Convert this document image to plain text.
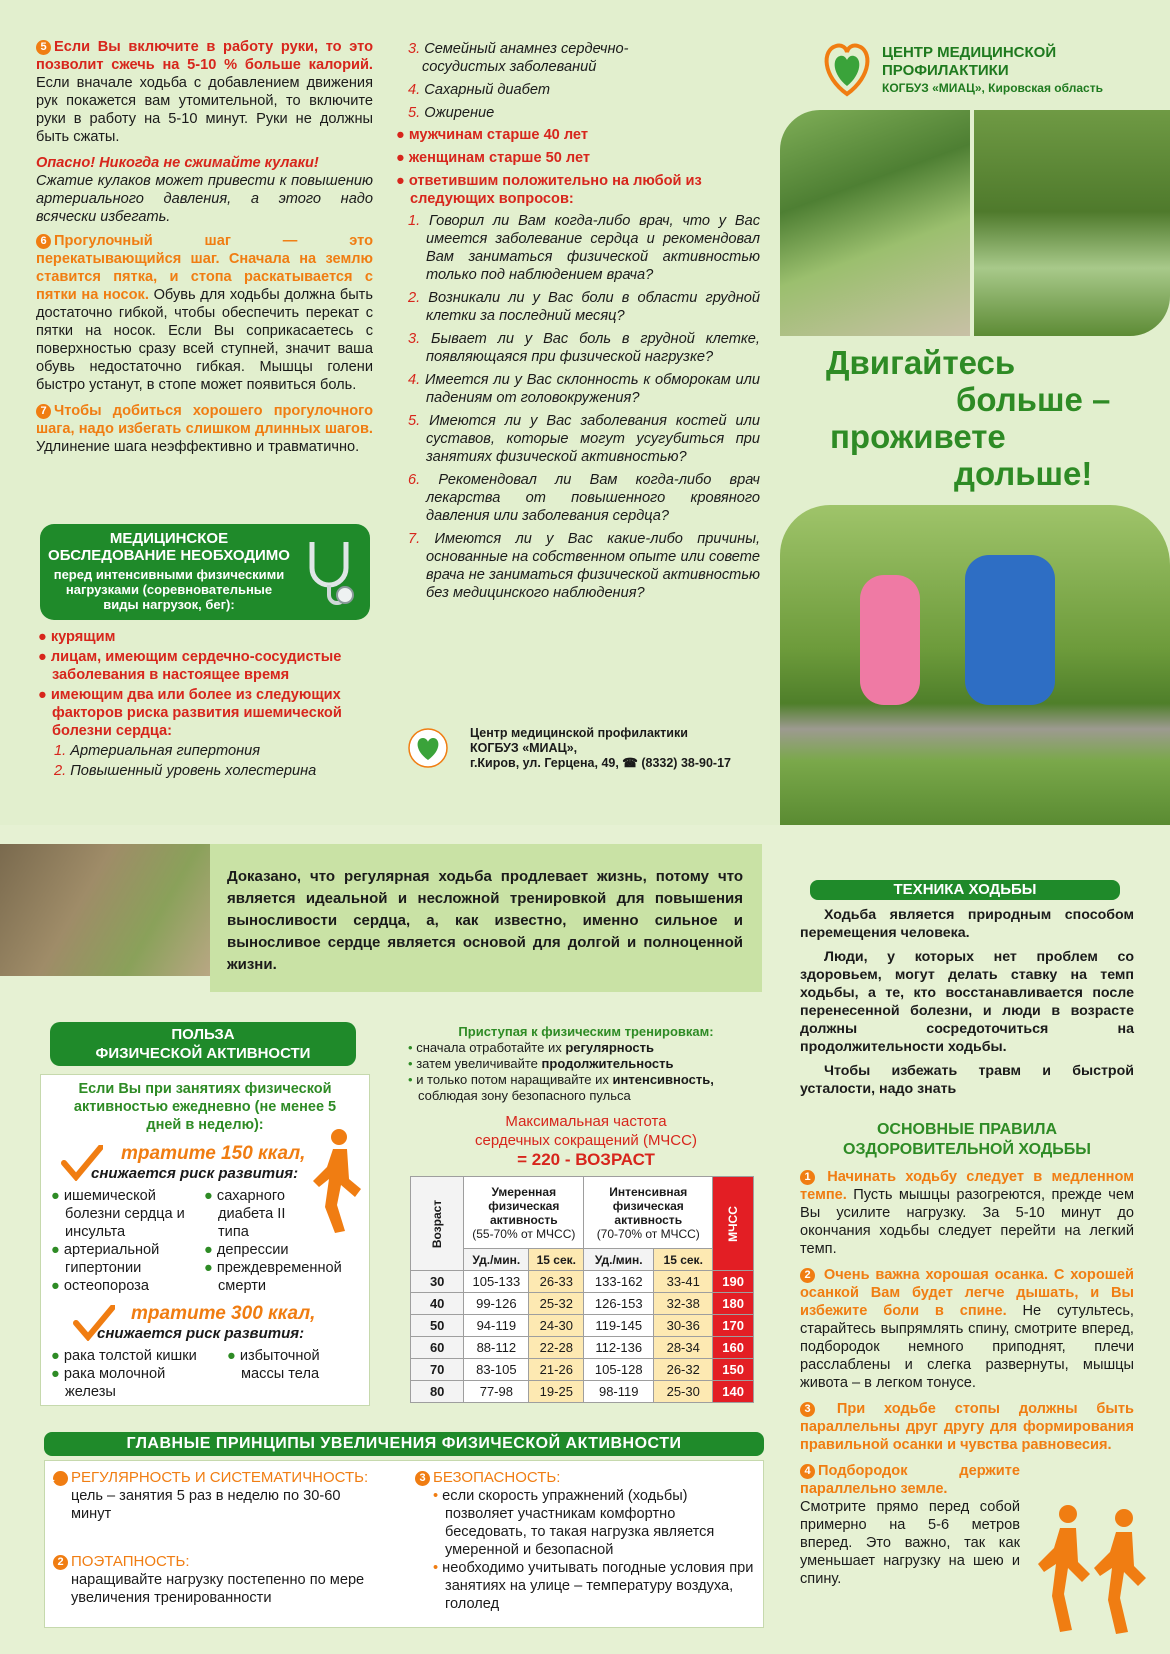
5 Если Вы включите в работу руки, то это позволит сжечь на 5-10 % больше калорий. Если вначале ходьба с добавлением движения рук покажется вам утомительной, то включите руки в работу на 5-10 минут. Руки не должны быть сжаты.

Опасно! Никогда не сжимайте кулаки!

Сжатие кулаков может привести к повышению артериального давления, а этого надо всячески избегать.

6 Прогулочный шаг — это перекатывающийся шаг. Сначала на землю ставится пятка, и стопа раскатывается с пятки на носок. Обувь для ходьбы должна быть достаточно гибкой, чтобы обеспечить перекат с пятки на носок. Если Вы соприкасаетесь с поверхностью сразу всей ступней, значит ваша обувь недостаточно гибкая. Мышцы голени быстро устанут, в стопе может появиться боль.

7 Чтобы добиться хорошего прогулочного шага, надо избегать слишком длинных шагов. Удлинение шага неэффективно и травматично.

МЕДИЦИНСКОЕ ОБСЛЕДОВАНИЕ НЕОБХОДИМО
перед интенсивными физическими нагрузками (соревновательные виды нагрузок, бег):

● курящим

● лицам, имеющим сердечно-сосудистые заболевания в настоящее время

● имеющим два или более из следующих факторов риска развития ишемической болезни сердца:

1. Артериальная гипертония

2. Повышенный уровень холестерина

3. Семейный анамнез сердечно-сосудистых заболеваний

4. Сахарный диабет

5. Ожирение

● мужчинам старше 40 лет

● женщинам старше 50 лет

● ответившим положительно на любой из следующих вопросов:

1. Говорил ли Вам когда-либо врач, что у Вас имеется заболевание сердца и рекомендовал Вам заниматься физической активностью только под наблюдением врача?
2. Возникали ли у Вас боли в области грудной клетки за последний месяц?
3. Бывает ли у Вас боль в грудной клетке, появляющаяся при физической нагрузке?
4. Имеется ли у Вас склонность к обморокам или падениям от головокружения?
5. Имеются ли у Вас заболевания костей или суставов, которые могут усугубиться при занятиях физической активностью?
6. Рекомендовал ли Вам когда-либо врач лекарства от повышенного кровяного давления или заболевания сердца?
7. Имеются ли у Вас какие-либо причины, основанные на собственном опыте или совете врача не заниматься физической активностью без медицинского наблюдения?
Центр медицинской профилактики
КОГБУЗ «МИАЦ»,
г.Киров, ул. Герцена, 49, ☎ (8332) 38-90-17
ЦЕНТР МЕДИЦИНСКОЙ
ПРОФИЛАКТИКИ
КОГБУЗ «МИАЦ», Кировская область
Двигайтесь
больше –
проживете
дольше!

Доказано, что регулярная ходьба продлевает жизнь, потому что является идеальной и несложной тренировкой для повышения выносливости сердца, а, как известно, именно сильное и выносливое сердце является основой для долгой и полноценной жизни.

ПОЛЬЗА
ФИЗИЧЕСКОЙ АКТИВНОСТИ

Если Вы при занятиях физической активностью ежедневно (не менее 5 дней в неделю):

тратите 150 ккал,
снижается риск развития:

● ишемической болезни сердца и инсульта

● артериальной гипертонии

● остеопороза

● сахарного диабета II типа

● депрессии

● преждевременной смерти

тратите 300 ккал,
снижается риск развития:

● рака толстой кишки

● рака молочной железы

● избыточной массы тела

Приступая к физическим тренировкам:

• сначала отработайте их регулярность

• затем увеличивайте продолжительность

• и только потом наращивайте их интенсивность,

соблюдая зону безопасного пульса

Максимальная частота
сердечных сокращений (МЧСС)
= 220 - ВОЗРАСТ
Возраст	Умеренная физическая активность
(55-70% от МЧСС)		Интенсивная физическая активность
(70-70% от МЧСС)		МЧСС

	Уд./мин.	15 сек.	Уд./мин.	15 сек.	
30	105-133	26-33	133-162	33-41	190
40	99-126	25-32	126-153	32-38	180
50	94-119	24-30	119-145	30-36	170
60	88-112	22-28	112-136	28-34	160
70	83-105	21-26	105-128	26-32	150
80	77-98	19-25	98-119	25-30	140
ГЛАВНЫЕ ПРИНЦИПЫ УВЕЛИЧЕНИЯ ФИЗИЧЕСКОЙ АКТИВНОСТИ

1 РЕГУЛЯРНОСТЬ И СИСТЕМАТИЧНОСТЬ:

цель – занятия 5 раз в неделю по 30-60 минут

2 ПОЭТАПНОСТЬ:

наращивайте нагрузку постепенно по мере увеличения тренированности

3 БЕЗОПАСНОСТЬ:

• если скорость упражнений (ходьбы) позволяет участникам комфортно беседовать, то такая нагрузка является умеренной и безопасной

• необходимо учитывать погодные условия при занятиях на улице – температуру воздуха, гололед

ТЕХНИКА ХОДЬБЫ

Ходьба является природным способом перемещения человека.

Люди, у которых нет проблем со здоровьем, могут делать ставку на темп ходьбы, а те, кто восстанавливается после перенесенной болезни, и люди в возрасте должны сосредоточиться на продолжительности ходьбы.

Чтобы избежать травм и быстрой усталости, надо знать

ОСНОВНЫЕ ПРАВИЛА
ОЗДОРОВИТЕЛЬНОЙ ХОДЬБЫ

1 Начинать ходьбу следует в медленном темпе. Пусть мышцы разогреются, прежде чем Вы усилите нагрузку. За 5-10 минут до окончания ходьбы следует перейти на легкий темп.

2 Очень важна хорошая осанка. С хорошей осанкой Вам будет легче дышать, и Вы избежите боли в спине. Не сутультесь, старайтесь выпрямлять спину, смотрите вперед, подбородок немного приподнят, плечи расслаблены и слегка развернуты, мышцы живота – в легком тонусе.

3 При ходьбе стопы должны быть параллельны друг другу для формирования правильной осанки и чувства равновесия.

4 Подбородок держите параллельно земле.
Смотрите прямо перед собой примерно на 5-6 метров вперед. Это важно, так как уменьшает нагрузку на шею и спину.
